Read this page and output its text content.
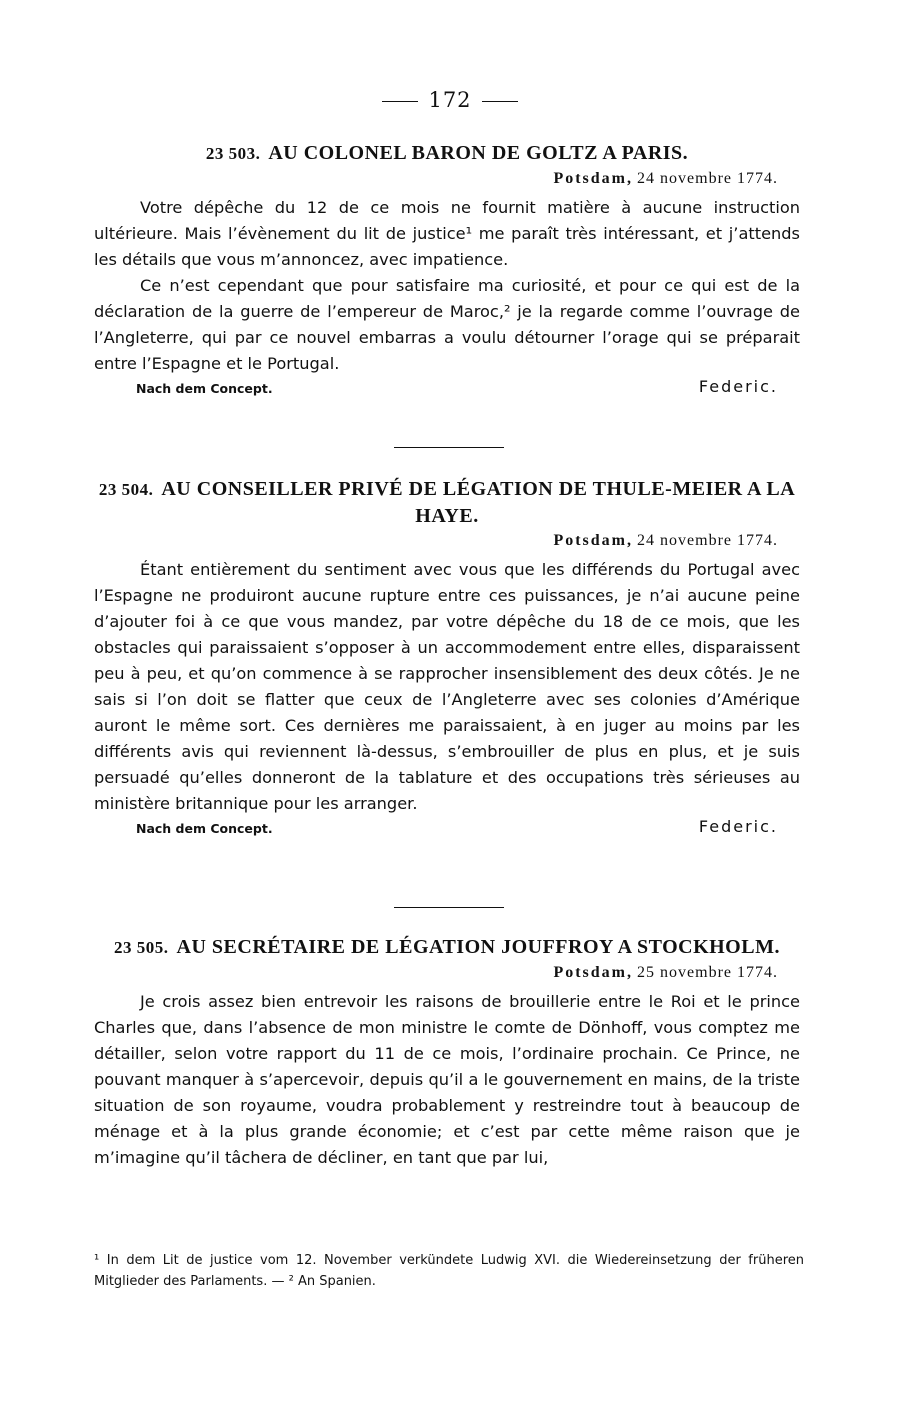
172
23 503. AU COLONEL BARON DE GOLTZ A PARIS.
Potsdam, 24 novembre 1774.

Votre dépêche du 12 de ce mois ne fournit matière à aucune instruction ultérieure. Mais l’évènement du lit de justice¹ me paraît très intéressant, et j’attends les détails que vous m’annoncez, avec impatience.

Ce n’est cependant que pour satisfaire ma curiosité, et pour ce qui est de la déclaration de la guerre de l’empereur de Maroc,² je la regarde comme l’ouvrage de l’Angleterre, qui par ce nouvel embarras a voulu détourner l’orage qui se préparait entre l’Espagne et le Portugal.

Nach dem Concept.	Federic.
23 504. AU CONSEILLER PRIVÉ DE LÉGATION DE THULE-MEIER A LA HAYE.
Potsdam, 24 novembre 1774.

Étant entièrement du sentiment avec vous que les différends du Portugal avec l’Espagne ne produiront aucune rupture entre ces puissances, je n’ai aucune peine d’ajouter foi à ce que vous mandez, par votre dépêche du 18 de ce mois, que les obstacles qui paraissaient s’opposer à un accommodement entre elles, disparaissent peu à peu, et qu’on commence à se rapprocher insensiblement des deux côtés. Je ne sais si l’on doit se flatter que ceux de l’Angleterre avec ses colonies d’Amérique auront le même sort. Ces dernières me paraissaient, à en juger au moins par les différents avis qui reviennent là-dessus, s’embrouiller de plus en plus, et je suis persuadé qu’elles donneront de la tablature et des occupations très sérieuses au ministère britannique pour les arranger.

Nach dem Concept.	Federic.
23 505. AU SECRÉTAIRE DE LÉGATION JOUFFROY A STOCKHOLM.
Potsdam, 25 novembre 1774.

Je crois assez bien entrevoir les raisons de brouillerie entre le Roi et le prince Charles que, dans l’absence de mon ministre le comte de Dönhoff, vous comptez me détailler, selon votre rapport du 11 de ce mois, l’ordinaire prochain. Ce Prince, ne pouvant manquer à s’apercevoir, depuis qu’il a le gouvernement en mains, de la triste situation de son royaume, voudra probablement y restreindre tout à beaucoup de ménage et à la plus grande économie; et c’est par cette même raison que je m’imagine qu’il tâchera de décliner, en tant que par lui,

¹ In dem Lit de justice vom 12. November verkündete Ludwig XVI. die Wiedereinsetzung der früheren Mitglieder des Parlaments. — ² An Spanien.
